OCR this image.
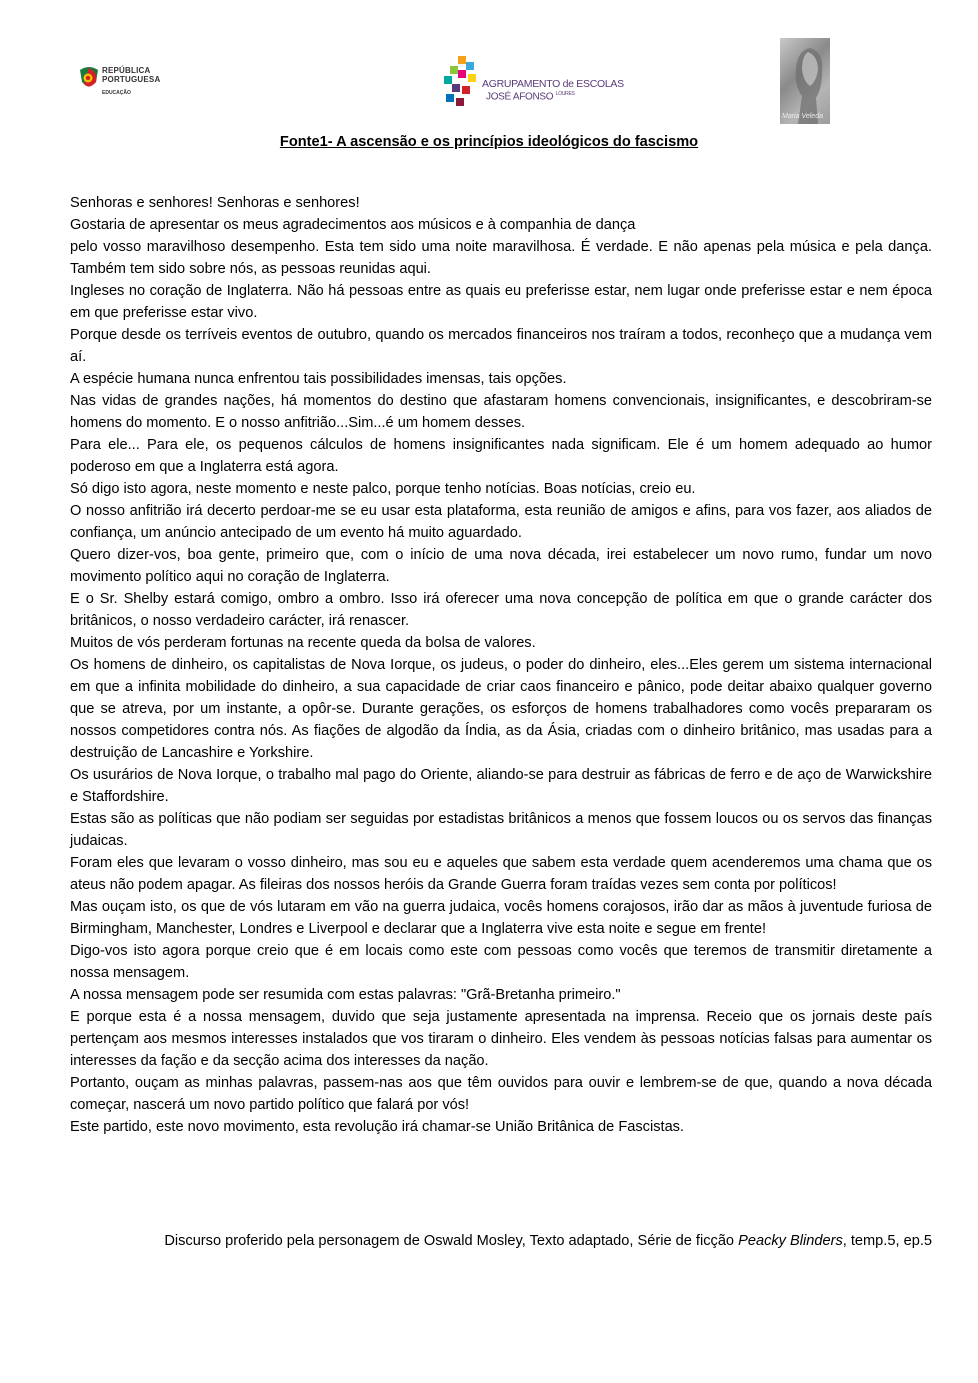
REPÚBLICA
PORTUGUESA
EDUCAÇÃO
AGRUPAMENTO de ESCOLAS
JOSÉ AFONSO $^{LOURES}$
Maria Veleda
Fonte1- A ascensão e os princípios ideológicos do fascismo

Senhoras e senhores! Senhoras e senhores!

Gostaria de apresentar os meus agradecimentos aos músicos e à companhia de dança

pelo vosso maravilhoso desempenho. Esta tem sido uma noite maravilhosa. É verdade. E não apenas pela música e pela dança. Também tem sido sobre nós, as pessoas reunidas aqui.

Ingleses no coração de Inglaterra. Não há pessoas entre as quais eu preferisse estar, nem lugar onde preferisse estar e nem época em que preferisse estar vivo.

Porque desde os terríveis eventos de outubro, quando os mercados financeiros nos traíram a todos, reconheço que a mudança vem aí.

A espécie humana nunca enfrentou tais possibilidades imensas, tais opções.

Nas vidas de grandes nações, há momentos do destino que afastaram homens convencionais, insignificantes, e descobriram-se homens do momento. E o nosso anfitrião...Sim...é um homem desses.

Para ele... Para ele, os pequenos cálculos de homens insignificantes nada significam. Ele é um homem adequado ao humor poderoso em que a Inglaterra está agora.

Só digo isto agora, neste momento e neste palco, porque tenho notícias. Boas notícias, creio eu.

O nosso anfitrião irá decerto perdoar-me se eu usar esta plataforma, esta reunião de amigos e afins, para vos fazer, aos aliados de confiança, um anúncio antecipado de um evento há muito aguardado.

Quero dizer-vos, boa gente, primeiro que, com o início de uma nova década, irei estabelecer um novo rumo, fundar um novo movimento político aqui no coração de Inglaterra.

E o Sr. Shelby estará comigo, ombro a ombro. Isso irá oferecer uma nova concepção de política em que o grande carácter dos britânicos, o nosso verdadeiro carácter, irá renascer.

Muitos de vós perderam fortunas na recente queda da bolsa de valores.

Os homens de dinheiro, os capitalistas de Nova Iorque, os judeus, o poder do dinheiro, eles...Eles gerem um sistema internacional em que a infinita mobilidade do dinheiro, a sua capacidade de criar caos financeiro e pânico, pode deitar abaixo qualquer governo que se atreva, por um instante, a opôr-se. Durante gerações, os esforços de homens trabalhadores como vocês prepararam os nossos competidores contra nós. As fiações de algodão da Índia, as da Ásia, criadas com o dinheiro britânico, mas usadas para a destruição de Lancashire e Yorkshire.

Os usurários de Nova Iorque, o trabalho mal pago do Oriente, aliando-se para destruir as fábricas de ferro e de aço de Warwickshire e Staffordshire.

Estas são as políticas que não podiam ser seguidas por estadistas britânicos a menos que fossem loucos ou os servos das finanças judaicas.

Foram eles que levaram o vosso dinheiro, mas sou eu e aqueles que sabem esta verdade quem acenderemos uma chama que os ateus não podem apagar. As fileiras dos nossos heróis da Grande Guerra foram traídas vezes sem conta por políticos!

Mas ouçam isto, os que de vós lutaram em vão na guerra judaica, vocês homens corajosos, irão dar as mãos à juventude furiosa de Birmingham, Manchester, Londres e Liverpool e declarar que a Inglaterra vive esta noite e segue em frente!

Digo-vos isto agora porque creio que é em locais como este com pessoas como vocês que teremos de transmitir diretamente a nossa mensagem.

A nossa mensagem pode ser resumida com estas palavras: "Grã-Bretanha primeiro."

E porque esta é a nossa mensagem, duvido que seja justamente apresentada na imprensa. Receio que os jornais deste país pertençam aos mesmos interesses instalados que vos tiraram o dinheiro. Eles vendem às pessoas notícias falsas para aumentar os interesses da fação e da secção acima dos interesses da nação.

Portanto, ouçam as minhas palavras, passem-nas aos que têm ouvidos para ouvir e lembrem-se de que, quando a nova década começar, nascerá um novo partido político que falará por vós!

Este partido, este novo movimento, esta revolução irá chamar-se União Britânica de Fascistas.

Discurso proferido pela personagem de Oswald Mosley, Texto adaptado, Série de ficção Peacky Blinders, temp.5, ep.5
